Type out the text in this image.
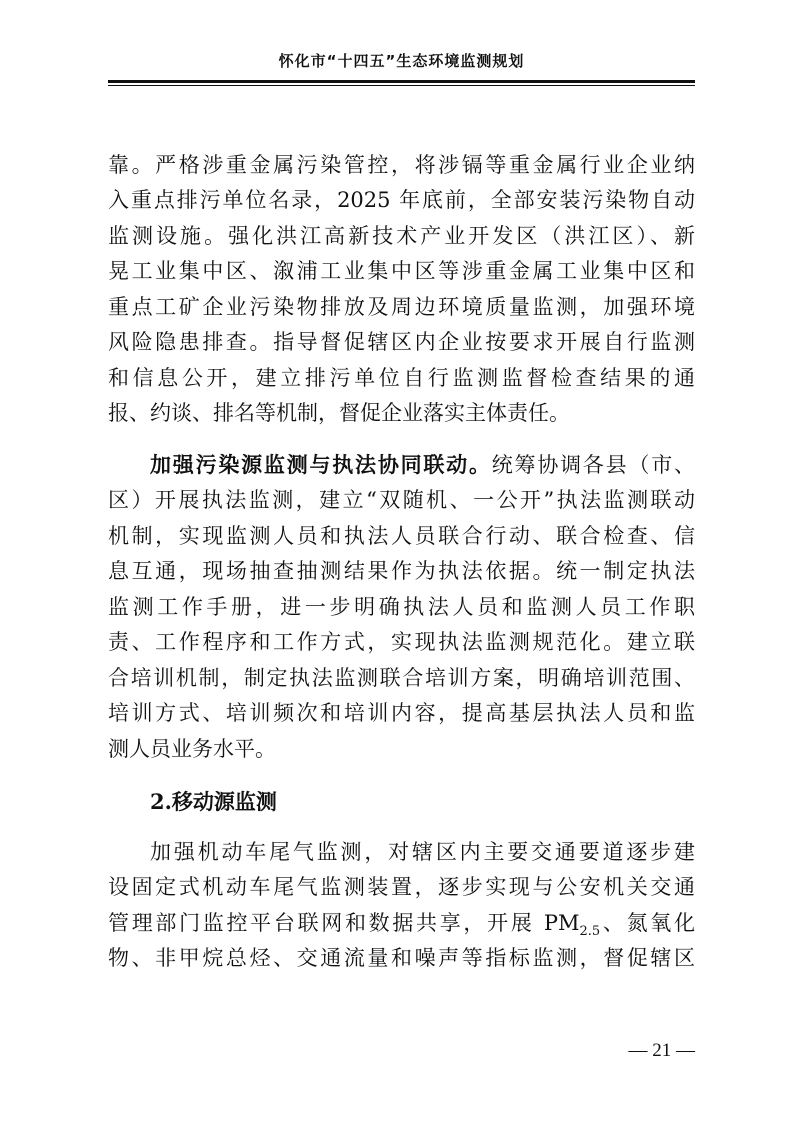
怀化市“十四五”生态环境监测规划
靠。严格涉重金属污染管控，将涉镉等重金属行业企业纳
入重点排污单位名录，2025 年底前，全部安装污染物自动
监测设施。强化洪江高新技术产业开发区（洪江区）、新
晃工业集中区、溆浦工业集中区等涉重金属工业集中区和
重点工矿企业污染物排放及周边环境质量监测，加强环境
风险隐患排查。指导督促辖区内企业按要求开展自行监测
和信息公开，建立排污单位自行监测监督检查结果的通
报、约谈、排名等机制，督促企业落实主体责任。
加强污染源监测与执法协同联动。统筹协调各县（市、
区）开展执法监测，建立“双随机、一公开”执法监测联动
机制，实现监测人员和执法人员联合行动、联合检查、信
息互通，现场抽查抽测结果作为执法依据。统一制定执法
监测工作手册，进一步明确执法人员和监测人员工作职
责、工作程序和工作方式，实现执法监测规范化。建立联
合培训机制，制定执法监测联合培训方案，明确培训范围、
培训方式、培训频次和培训内容，提高基层执法人员和监
测人员业务水平。
2.移动源监测
加强机动车尾气监测，对辖区内主要交通要道逐步建
设固定式机动车尾气监测装置，逐步实现与公安机关交通
管理部门监控平台联网和数据共享，开展 $PM_{2.5}$、氮氧化
物、非甲烷总烃、交通流量和噪声等指标监测，督促辖区
— 21 —
